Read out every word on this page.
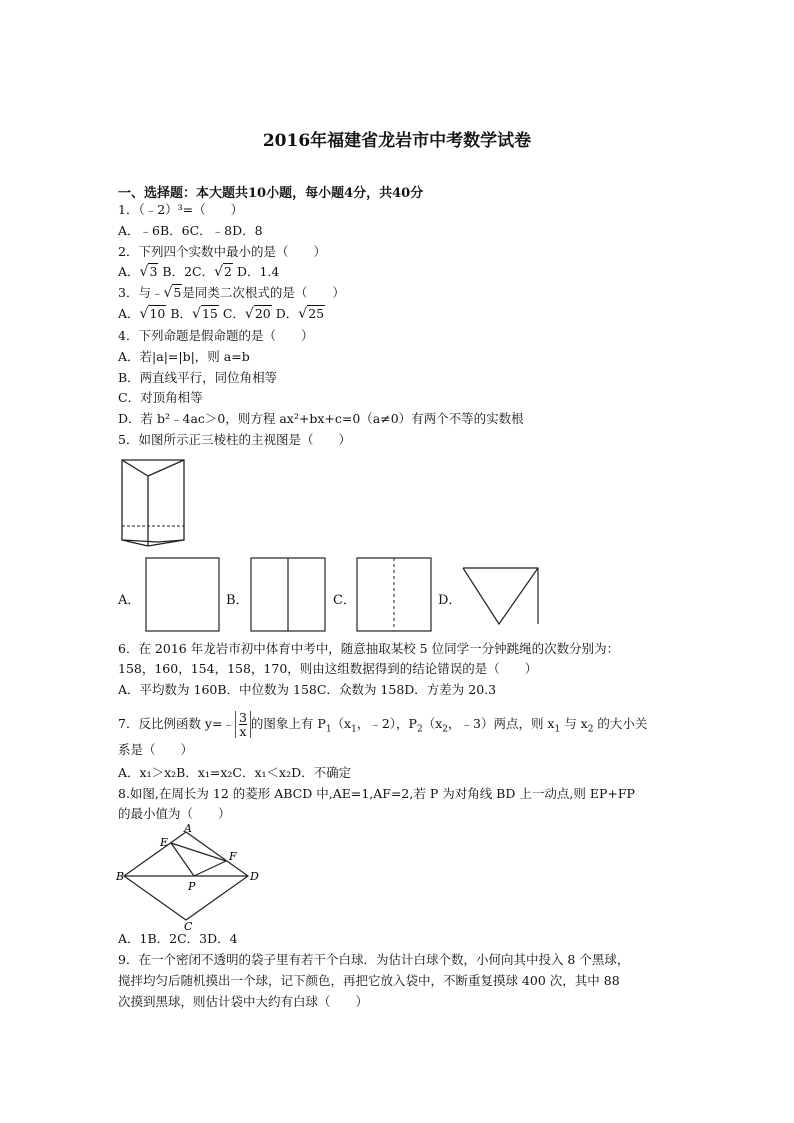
2016年福建省龙岩市中考数学试卷
一、选择题：本大题共10小题，每小题4分，共40分
1．（﹣2）³=（　　）
A．﹣6B．6C．﹣8D．8
2．下列四个实数中最小的是（　　）
A．√3 B．2C．√2 D．1.4
3．与﹣√5是同类二次根式的是（　　）
A．√10 B．√15 C．√20 D．√25
4．下列命题是假命题的是（　　）
A．若|a|=|b|，则 a=b
B．两直线平行，同位角相等
C．对顶角相等
D．若 b²﹣4ac＞0，则方程 ax²+bx+c=0（a≠0）有两个不等的实数根
5．如图所示正三棱柱的主视图是（　　）
A．	B．	C．	D．
6．在 2016 年龙岩市初中体育中考中，随意抽取某校 5 位同学一分钟跳绳的次数分别为：
158，160，154，158，170，则由这组数据得到的结论错误的是（　　）
A．平均数为 160B．中位数为 158C．众数为 158D．方差为 20.3
7．反比例函数 y=﹣ $\frac{3}{x}$ 的图象上有 $P_1(x_1$，﹣2），$P_2(x_2$，﹣3）两点，则 $x_1$ 与 $x_2$ 的大小关
系是（　　）
A．x₁＞x₂B．x₁=x₂C．x₁＜x₂D．不确定
8.如图,在周长为 12 的菱形 ABCD 中,AE=1,AF=2,若 P 为对角线 BD 上一动点,则 EP+FP
的最小值为（　　）
A
B
C
D
E
F
P
A．1B．2C．3D．4
9．在一个密闭不透明的袋子里有若干个白球．为估计白球个数，小何向其中投入 8 个黑球，
搅拌均匀后随机摸出一个球，记下颜色，再把它放入袋中，不断重复摸球 400 次，其中 88
次摸到黑球，则估计袋中大约有白球（　　）
